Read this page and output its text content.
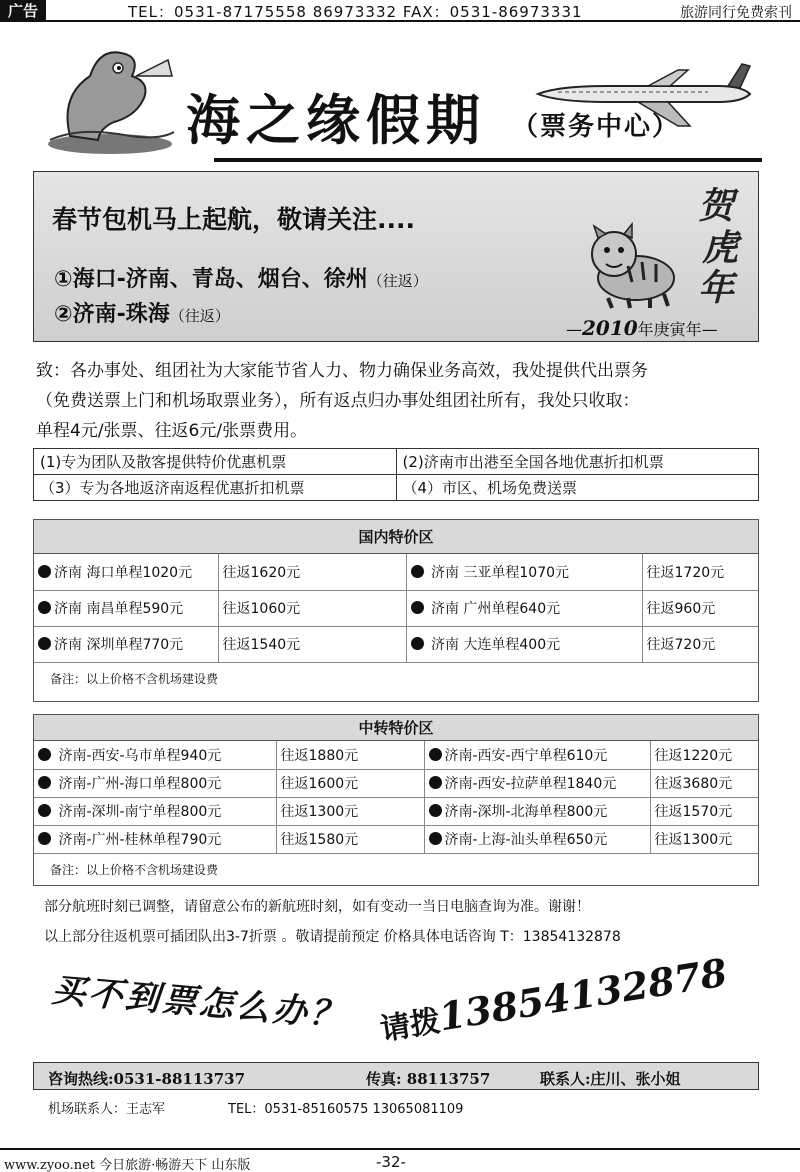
广告	TEL：0531-87175558 86973332 FAX：0531-86973331	旅游同行免费索刊
海之缘假期 （票务中心）
春节包机马上起航，敬请关注....
①海口-济南、青岛、烟台、徐州（往返）
②济南-珠海（往返）
贺
虎
年
—2010年庚寅年—

致：各办事处、组团社为大家能节省人力、物力确保业务高效，我处提供代出票务

（免费送票上门和机场取票业务），所有返点归办事处组团社所有，我处只收取：

单程4元/张票、往返6元/张票费用。

(1)专为团队及散客提供特价优惠机票	(2)济南市出港至全国各地优惠折扣机票
（3）专为各地返济南返程优惠折扣机票	（4）市区、机场免费送票
国内特价区
济南 海口单程1020元	往返1620元	济南 三亚单程1070元	往返1720元
济南 南昌单程590元	往返1060元	济南 广州单程640元	往返960元
济南 深圳单程770元	往返1540元	济南 大连单程400元	往返720元
备注：以上价格不含机场建设费
中转特价区
济南-西安-乌市单程940元	往返1880元	济南-西安-西宁单程610元	往返1220元
济南-广州-海口单程800元	往返1600元	济南-西安-拉萨单程1840元	往返3680元
济南-深圳-南宁单程800元	往返1300元	济南-深圳-北海单程800元	往返1570元
济南-广州-桂林单程790元	往返1580元	济南-上海-汕头单程650元	往返1300元
备注：以上价格不含机场建设费
部分航班时刻已调整，请留意公布的新航班时刻，如有变动一当日电脑查询为准。谢谢！
以上部分往返机票可插团队出3-7折票 。敬请提前预定 价格具体电话咨询 T：13854132878
买不到票怎么办？ 请拨13854132878
咨询热线:0531-88113737	传真: 88113757	联系人:庄川、张小姐
机场联系人：王志军	TEL：0531-85160575 13065081109
www.zyoo.net 今日旅游·畅游天下 山东版	-32-
